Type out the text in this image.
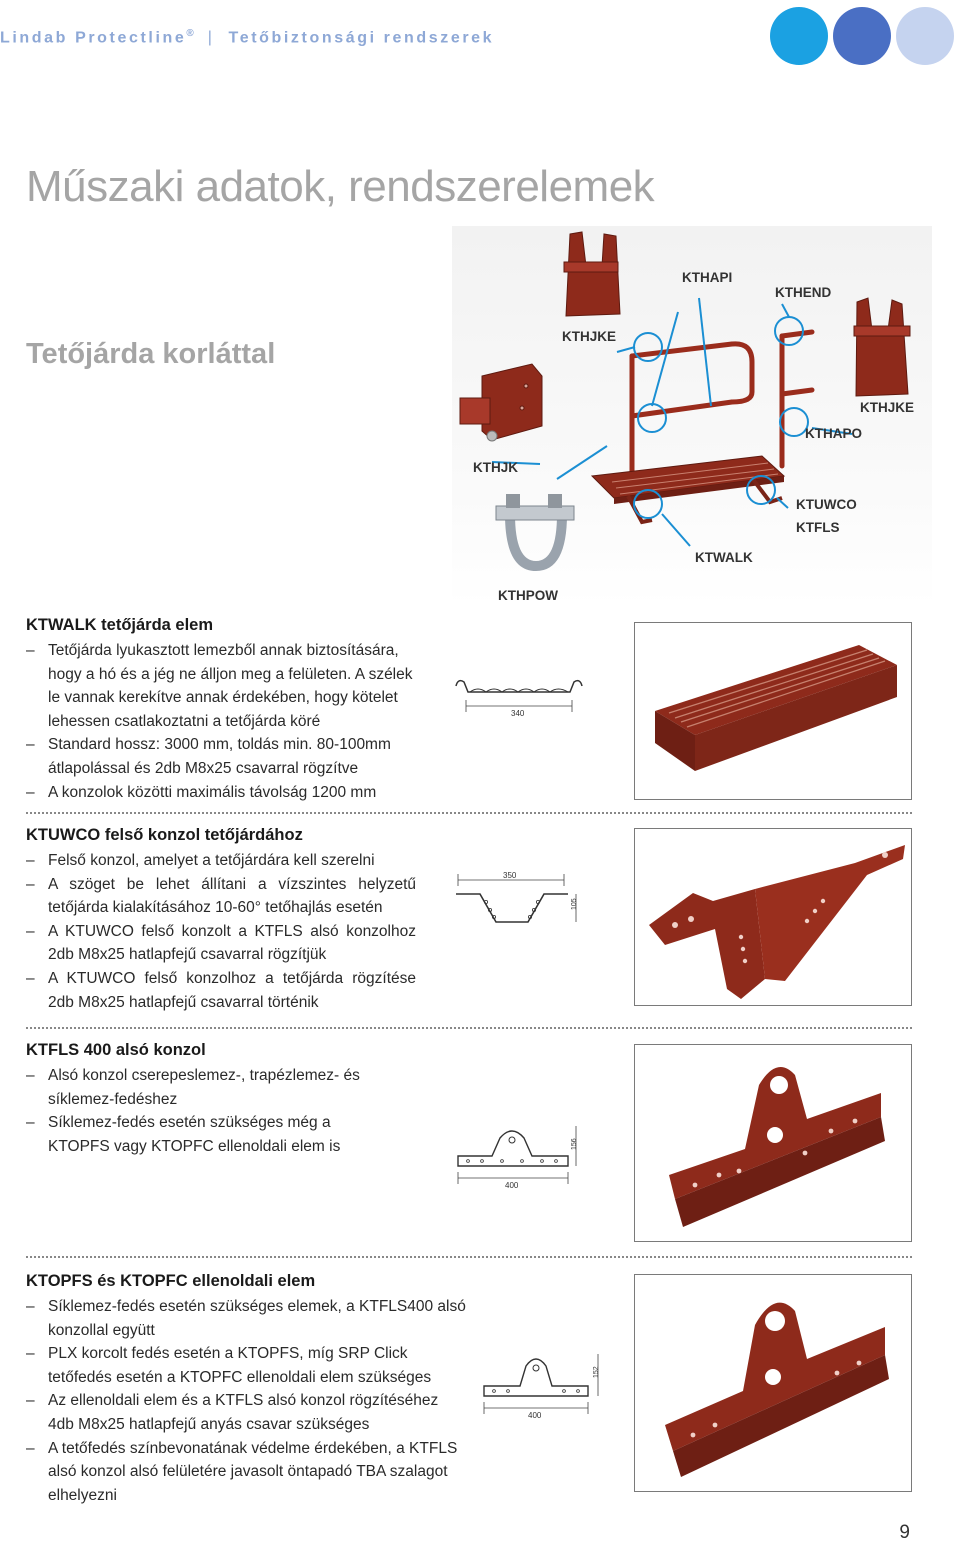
Lindab Protectline® | Tetőbiztonsági rendszerek
Műszaki adatok, rendszerelemek
Tetőjárda korláttal
KTHAPI
KTHEND
KTHJKE
KTHJKE
KTHAPO
KTHJK
KTUWCO
KTFLS
KTWALK
KTHPOW
KTWALK tetőjárda elem
– Tetőjárda lyukasztott lemezből annak biztosítására, hogy a hó és a jég ne álljon meg a felületen. A szélek le vannak kerekítve annak érdekében, hogy kötelet lehessen csatlakoztatni a tetőjárda köré
– Standard hossz: 3000 mm, toldás min. 80-100mm átlapolással és 2db M8x25 csavarral rögzítve
– A konzolok közötti maximális távolság 1200 mm
340
KTUWCO felső konzol tetőjárdához
– Felső konzol, amelyet a tetőjárdára kell szerelni
– A szöget be lehet állítani a vízszintes helyzetű tetőjárda kialakításához 10-60° tetőhajlás esetén
– A KTUWCO felső konzolt a KTFLS alsó konzolhoz 2db M8x25 hatlapfejű csavarral rögzítjük
– A KTUWCO felső konzolhoz a tetőjárda rögzítése 2db M8x25 hatlapfejű csavarral történik
350
105
KTFLS 400 alsó konzol
– Alsó konzol cserepeslemez-, trapézlemez- és síklemez-fedéshez
– Síklemez-fedés esetén szükséges még a KTOPFS vagy KTOPFC ellenoldali elem is	156
400
KTOPFS és KTOPFC ellenoldali elem
– Síklemez-fedés esetén szükséges elemek, a KTFLS400 alsó konzollal együtt
– PLX korcolt fedés esetén a KTOPFS, míg SRP Click tetőfedés esetén a KTOPFC ellenoldali elem szükséges
– Az ellenoldali elem és a KTFLS alsó konzol rögzítéséhez 4db M8x25 hatlapfejű anyás csavar szükséges
– A tetőfedés színbevonatának védelme érdekében, a KTFLS alsó konzol alsó felületére javasolt öntapadó TBA szalagot elhelyezni
152
400
9
